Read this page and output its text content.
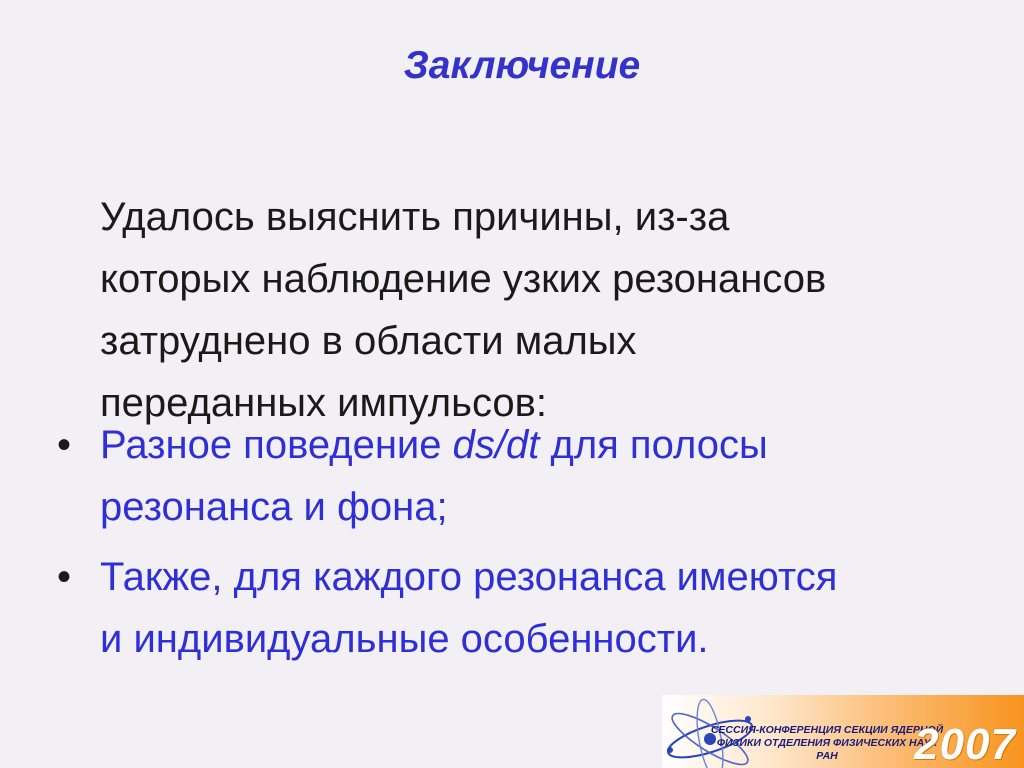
Заключение
Удалось выяснить причины, из-за
которых наблюдение узких резонансов
затруднено в области малых
переданных импульсов:
• Разное поведение ds/dt для полосы
резонанса и фона;
• Также, для каждого резонанса имеются
и индивидуальные особенности.
СЕССИЯ-КОНФЕРЕНЦИЯ СЕКЦИИ ЯДЕРНОЙ
ФИЗИКИ ОТДЕЛЕНИЯ ФИЗИЧЕСКИХ НАУК
РАН	2007
